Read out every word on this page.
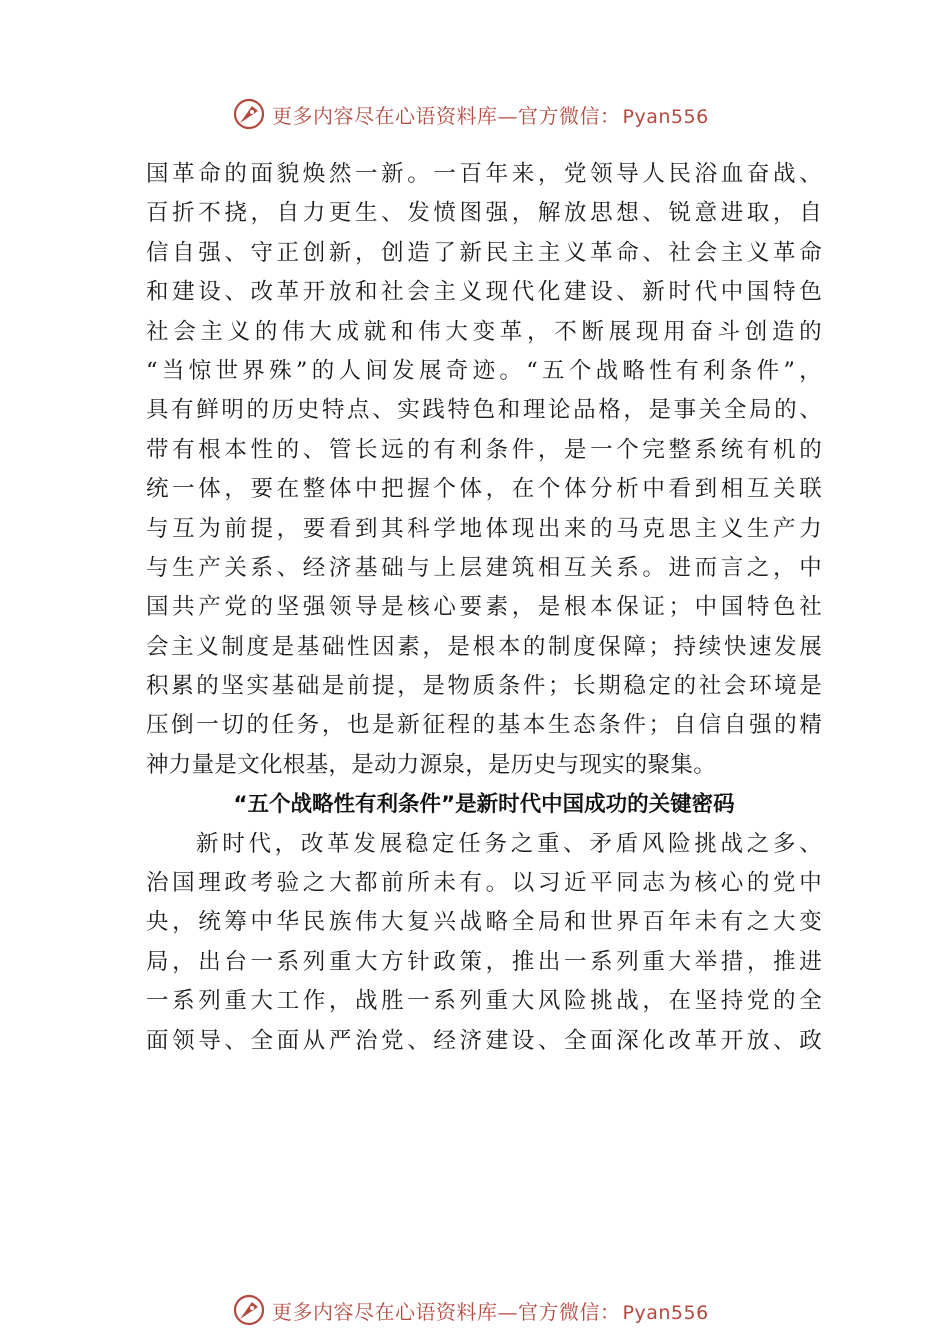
更多内容尽在心语资料库—官方微信： Pyan556
国革命的面貌焕然一新。一百年来，党领导人民浴血奋战、
百折不挠，自力更生、发愤图强，解放思想、锐意进取，自
信自强、守正创新，创造了新民主主义革命、社会主义革命
和建设、改革开放和社会主义现代化建设、新时代中国特色
社会主义的伟大成就和伟大变革，不断展现用奋斗创造的
“当惊世界殊”的人间发展奇迹。“五个战略性有利条件”，
具有鲜明的历史特点、实践特色和理论品格，是事关全局的、
带有根本性的、管长远的有利条件，是一个完整系统有机的
统一体，要在整体中把握个体，在个体分析中看到相互关联
与互为前提，要看到其科学地体现出来的马克思主义生产力
与生产关系、经济基础与上层建筑相互关系。进而言之，中
国共产党的坚强领导是核心要素，是根本保证；中国特色社
会主义制度是基础性因素，是根本的制度保障；持续快速发展
积累的坚实基础是前提，是物质条件；长期稳定的社会环境是
压倒一切的任务，也是新征程的基本生态条件；自信自强的精
神力量是文化根基，是动力源泉，是历史与现实的聚集。
“五个战略性有利条件”是新时代中国成功的关键密码
新时代，改革发展稳定任务之重、矛盾风险挑战之多、
治国理政考验之大都前所未有。以习近平同志为核心的党中
央，统筹中华民族伟大复兴战略全局和世界百年未有之大变
局，出台一系列重大方针政策，推出一系列重大举措，推进
一系列重大工作，战胜一系列重大风险挑战，在坚持党的全
面领导、全面从严治党、经济建设、全面深化改革开放、政
更多内容尽在心语资料库—官方微信： Pyan556
